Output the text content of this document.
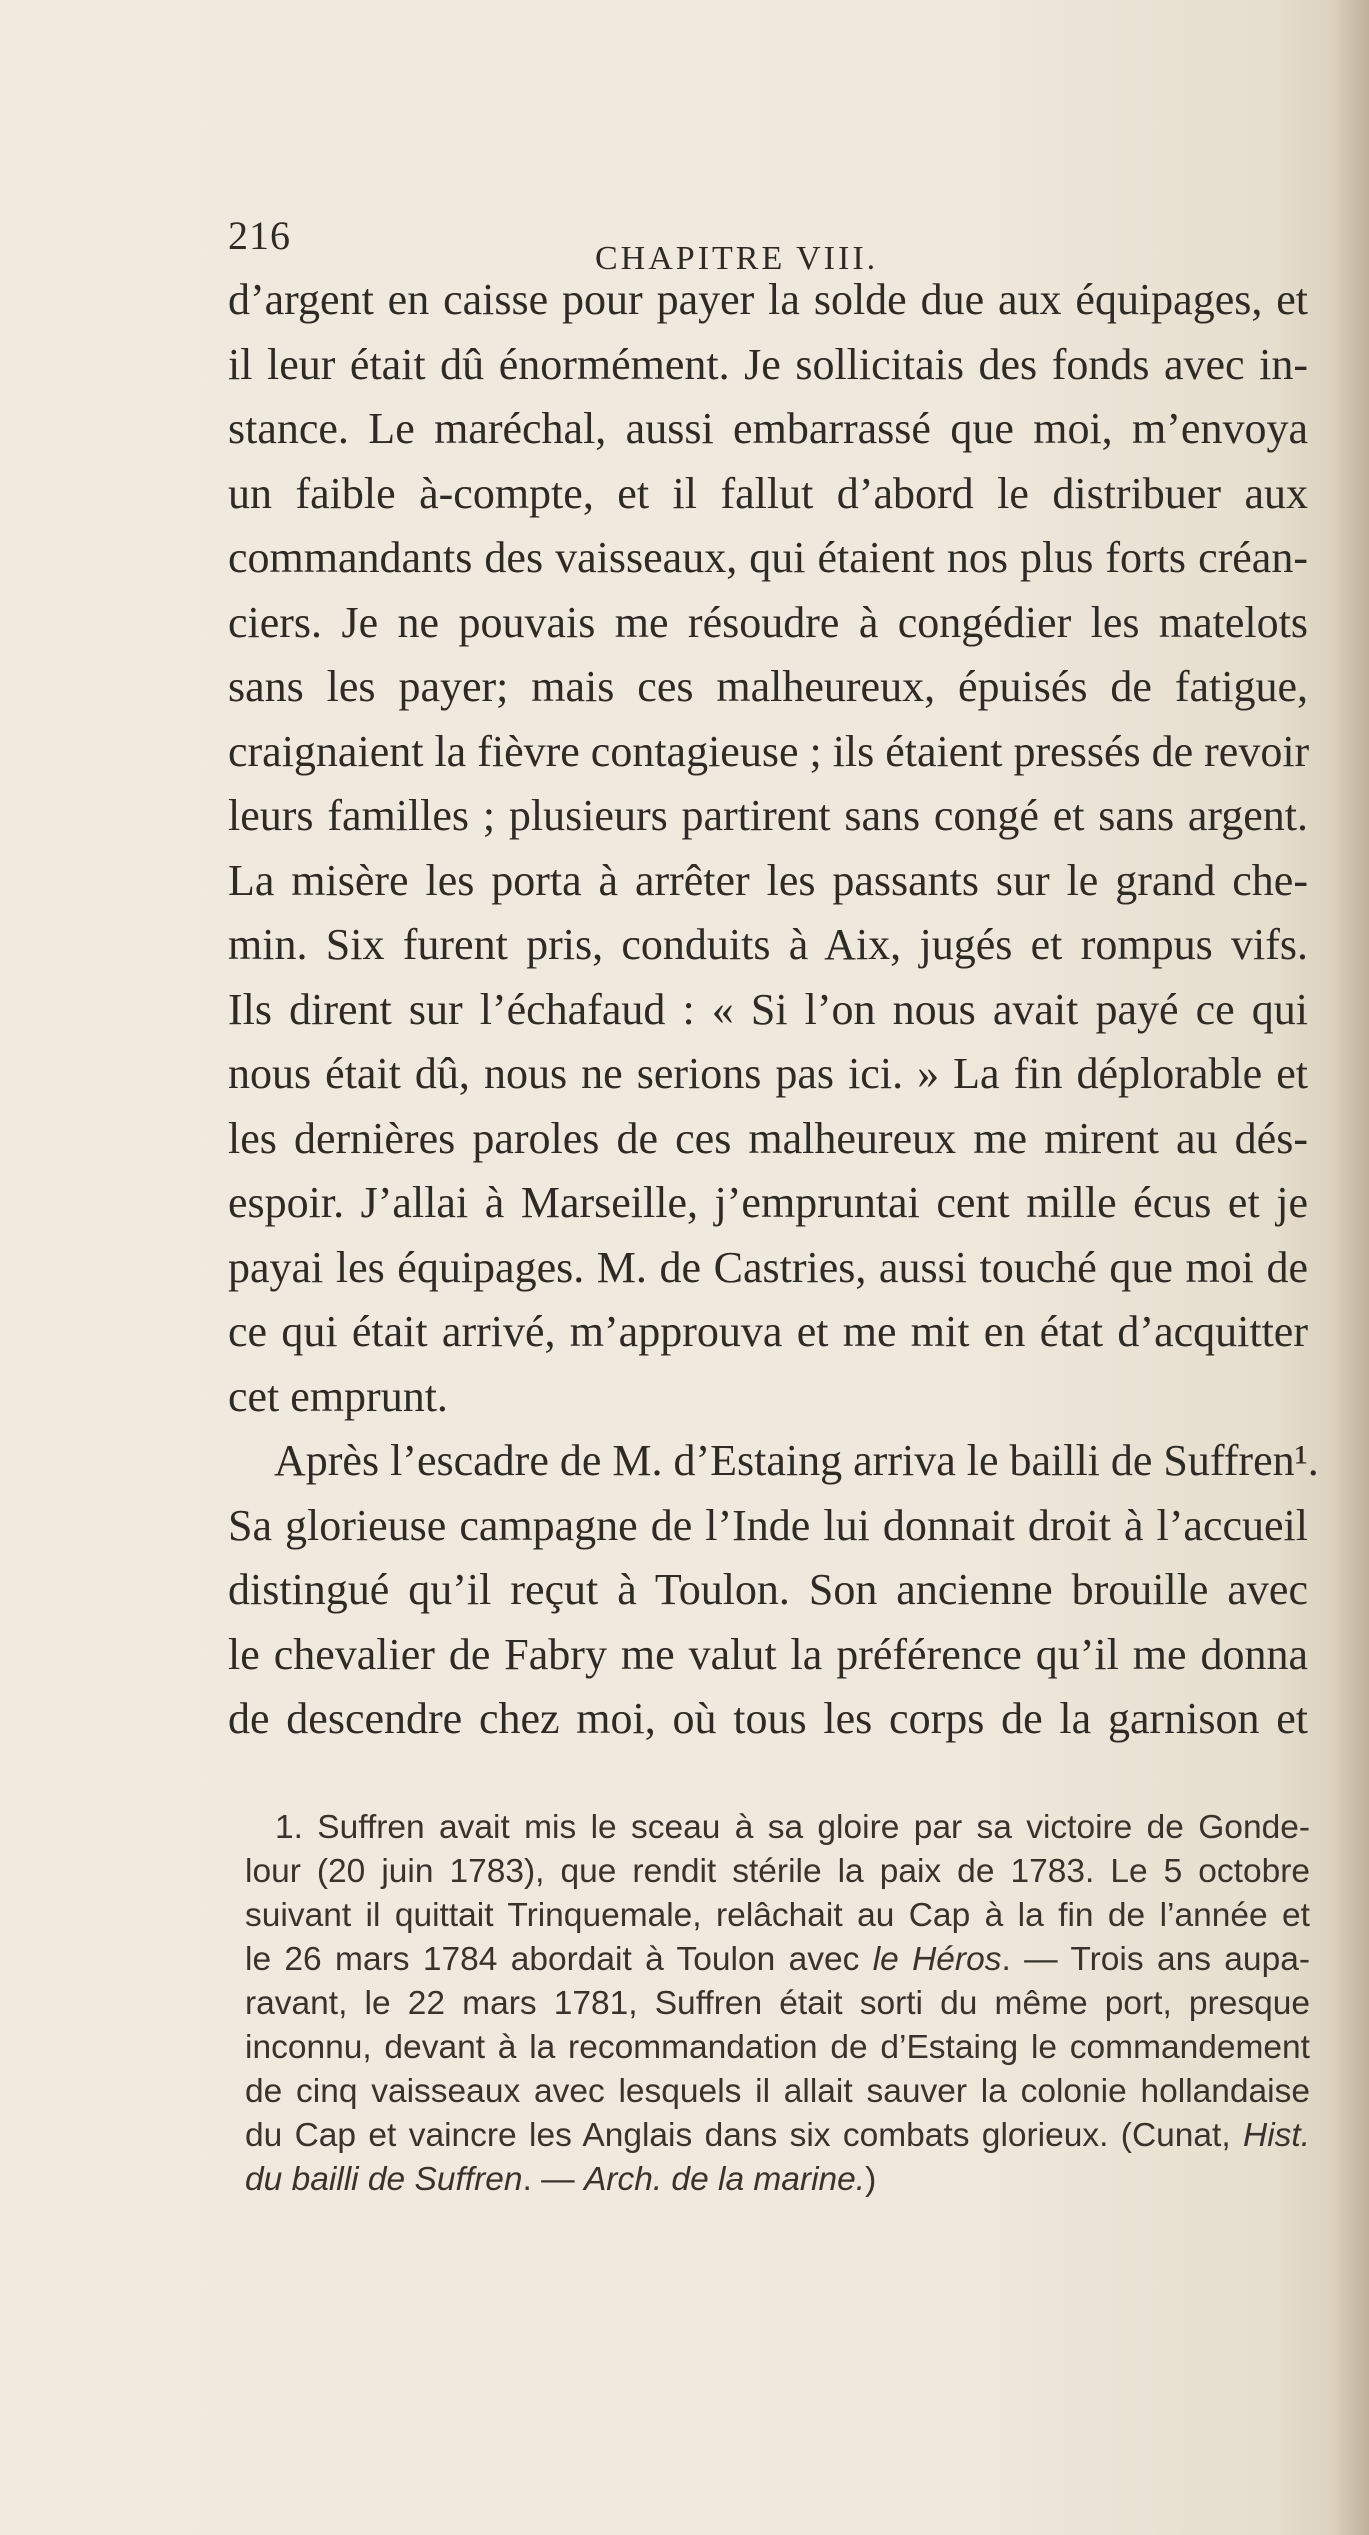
216
CHAPITRE VIII.
d’argent en caisse pour payer la solde due aux équipages, et
il leur était dû énormément. Je sollicitais des fonds avec in-
stance. Le maréchal, aussi embarrassé que moi, m’envoya
un faible à-compte, et il fallut d’abord le distribuer aux
commandants des vaisseaux, qui étaient nos plus forts créan-
ciers. Je ne pouvais me résoudre à congédier les matelots
sans les payer; mais ces malheureux, épuisés de fatigue,
craignaient la fièvre contagieuse ; ils étaient pressés de revoir
leurs familles ; plusieurs partirent sans congé et sans argent.
La misère les porta à arrêter les passants sur le grand che-
min. Six furent pris, conduits à Aix, jugés et rompus vifs.
Ils dirent sur l’échafaud : « Si l’on nous avait payé ce qui
nous était dû, nous ne serions pas ici. » La fin déplorable et
les dernières paroles de ces malheureux me mirent au dés-
espoir. J’allai à Marseille, j’empruntai cent mille écus et je
payai les équipages. M. de Castries, aussi touché que moi de
ce qui était arrivé, m’approuva et me mit en état d’acquitter
cet emprunt.
Après l’escadre de M. d’Estaing arriva le bailli de Suffren¹.
Sa glorieuse campagne de l’Inde lui donnait droit à l’accueil
distingué qu’il reçut à Toulon. Son ancienne brouille avec
le chevalier de Fabry me valut la préférence qu’il me donna
de descendre chez moi, où tous les corps de la garnison et
1. Suffren avait mis le sceau à sa gloire par sa victoire de Gonde-
lour (20 juin 1783), que rendit stérile la paix de 1783. Le 5 octobre
suivant il quittait Trinquemale, relâchait au Cap à la fin de l’année et
le 26 mars 1784 abordait à Toulon avec le Héros. — Trois ans aupa-
ravant, le 22 mars 1781, Suffren était sorti du même port, presque
inconnu, devant à la recommandation de d’Estaing le commandement
de cinq vaisseaux avec lesquels il allait sauver la colonie hollandaise
du Cap et vaincre les Anglais dans six combats glorieux. (Cunat, Hist.
du bailli de Suffren. — Arch. de la marine.)
